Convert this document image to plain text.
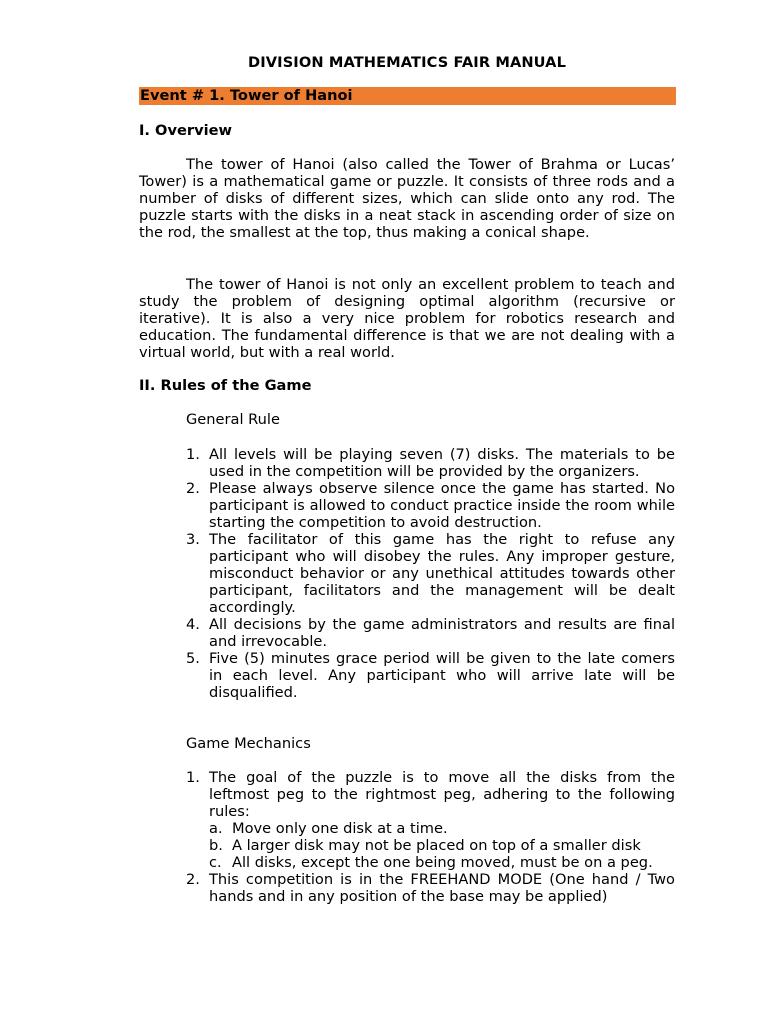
DIVISION MATHEMATICS FAIR MANUAL
Event # 1. Tower of Hanoi
I. Overview
The tower of Hanoi (also called the Tower of Brahma or Lucas’ Tower) is a mathematical game or puzzle. It consists of three rods and a number of disks of different sizes, which can slide onto any rod. The puzzle starts with the disks in a neat stack in ascending order of size on the rod, the smallest at the top, thus making a conical shape.
The tower of Hanoi is not only an excellent problem to teach and study the problem of designing optimal algorithm (recursive or iterative). It is also a very nice problem for robotics research and education. The fundamental difference is that we are not dealing with a virtual world, but with a real world.
II. Rules of the Game
General Rule
1. All levels will be playing seven (7) disks. The materials to be used in the competition will be provided by the organizers.
2. Please always observe silence once the game has started. No participant is allowed to conduct practice inside the room while starting the competition to avoid destruction.
3. The facilitator of this game has the right to refuse any participant who will disobey the rules. Any improper gesture, misconduct behavior or any unethical attitudes towards other participant, facilitators and the management will be dealt accordingly.
4. All decisions by the game administrators and results are final and irrevocable.
5. Five (5) minutes grace period will be given to the late comers in each level. Any participant who will arrive late will be disqualified.
Game Mechanics
1. The goal of the puzzle is to move all the disks from the leftmost peg to the rightmost peg, adhering to the following rules:
a. Move only one disk at a time.
b. A larger disk may not be placed on top of a smaller disk
c. All disks, except the one being moved, must be on a peg.
2. This competition is in the FREEHAND MODE (One hand / Two hands and in any position of the base may be applied)
